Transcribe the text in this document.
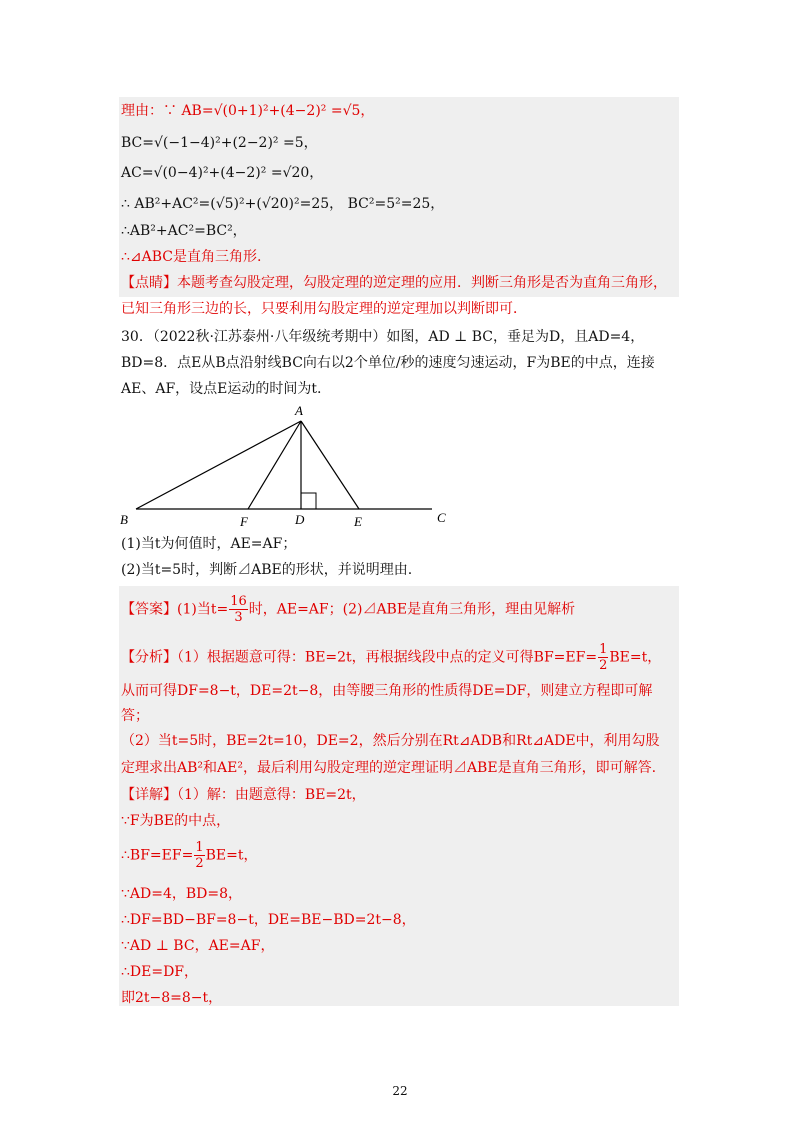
理由：∵ AB=√(0+1)²+(4−2)² =√5，
BC=√(−1−4)²+(2−2)² =5，
AC=√(0−4)²+(4−2)² =√20，
∴ AB²+AC²=(√5)²+(√20)²=25， BC²=5²=25，
∴AB²+AC²=BC²，
∴⊿ABC是直角三角形.
【点睛】本题考查勾股定理，勾股定理的逆定理的应用．判断三角形是否为直角三角形，
已知三角形三边的长，只要利用勾股定理的逆定理加以判断即可．
30．（2022秋·江苏泰州·八年级统考期中）如图，AD ⊥ BC，垂足为D，且AD=4，
BD=8．点E从B点沿射线BC向右以2个单位/秒的速度匀速运动，F为BE的中点，连接
AE、AF，设点E运动的时间为t.
A
B	F	D	E	C
(1)当t为何值时，AE=AF；
(2)当t=5时，判断⊿ABE的形状，并说明理由.
【答案】(1)当$t= \frac{16}{3}$ 时，AE=AF；(2)⊿ABE是直角三角形，理由见解析
【分析】（1）根据题意可得：BE=2t，再根据线段中点的定义可得$BF=EF= \frac{1}{2} BE=t$，
从而可得DF=8−t，DE=2t−8，由等腰三角形的性质得DE=DF，则建立方程即可解
答；
（2）当t=5时，BE=2t=10，DE=2，然后分别在Rt⊿ADB和Rt⊿ADE中，利用勾股
定理求出AB²和AE²，最后利用勾股定理的逆定理证明⊿ABE是直角三角形，即可解答.
【详解】（1）解：由题意得：BE=2t，
∵F为BE的中点，
∴BF=EF= $\frac{1}{2} BE=t$，
∵AD=4，BD=8，
∴DF=BD−BF=8−t，DE=BE−BD=2t−8，
∵AD ⊥ BC，AE=AF，
∴DE=DF，
即2t−8=8−t，
22
